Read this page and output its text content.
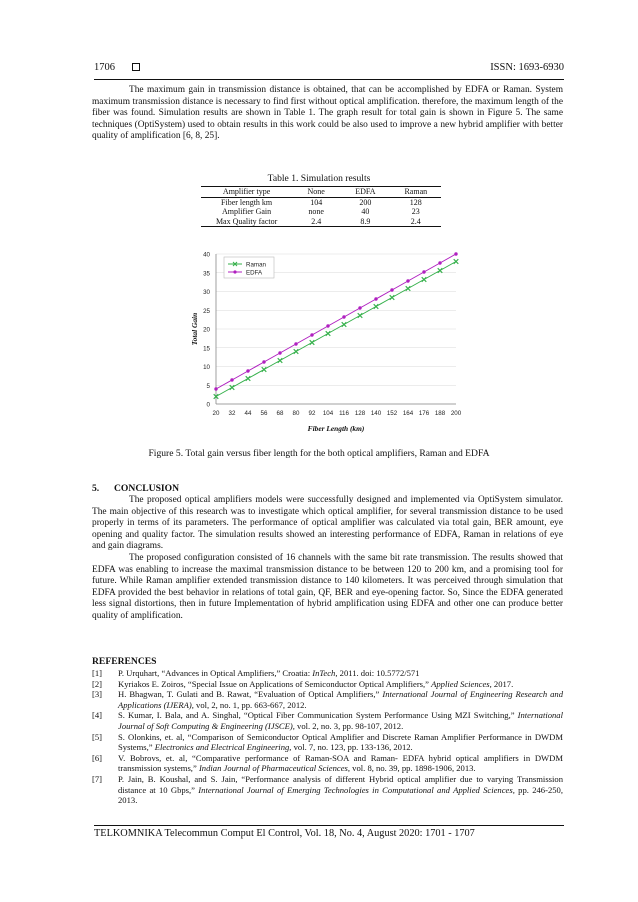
1706	ISSN: 1693-6930

The maximum gain in transmission distance is obtained, that can be accomplished by EDFA or Raman. System maximum transmission distance is necessary to find first without optical amplification. therefore, the maximum length of the fiber was found. Simulation results are shown in Table 1. The graph result for total gain is shown in Figure 5. The same techniques (OptiSystem) used to obtain results in this work could be also used to improve a new hybrid amplifier with better quality of amplification [6, 8, 25].

Table 1. Simulation results
Amplifier type	None	EDFA	Raman
Fiber length km	104	200	128
Amplifier Gain	none	40	23
Max Quality factor	2.4	8.9	2.4
0
5
10
15
20
25
30
35
40
20 32 44 56 68 80 92 104 116 128 140 152 164 176 188 200
Fiber Length (km)
Total Gain
Raman
EDFA
Figure 5. Total gain versus fiber length for the both optical amplifiers, Raman and EDFA
5. CONCLUSION

The proposed optical amplifiers models were successfully designed and implemented via OptiSystem simulator. The main objective of this research was to investigate which optical amplifier, for several transmission distance to be used properly in terms of its parameters. The performance of optical amplifier was calculated via total gain, BER amount, eye opening and quality factor. The simulation results showed an interesting performance of EDFA, Raman in relations of eye and gain diagrams.

The proposed configuration consisted of 16 channels with the same bit rate transmission. The results showed that EDFA was enabling to increase the maximal transmission distance to be between 120 to 200 km, and a promising tool for future. While Raman amplifier extended transmission distance to 140 kilometers. It was perceived through simulation that EDFA provided the best behavior in relations of total gain, QF, BER and eye-opening factor. So, Since the EDFA generated less signal distortions, then in future Implementation of hybrid amplification using EDFA and other one can produce better quality of amplification.

REFERENCES
[1] P. Urquhart, “Advances in Optical Amplifiers,” Croatia: InTech, 2011. doi: 10.5772/571
[2] Kyriakos E. Zoiros, “Special Issue on Applications of Semiconductor Optical Amplifiers,” Applied Sciences, 2017.
[3] H. Bhagwan, T. Gulati and B. Rawat, “Evaluation of Optical Amplifiers,” International Journal of Engineering Research and Applications (IJERA), vol, 2, no. 1, pp. 663-667, 2012.
[4] S. Kumar, I. Bala, and A. Singhal, “Optical Fiber Communication System Performance Using MZI Switching,” International Journal of Soft Computing & Engineering (IJSCE), vol. 2, no. 3, pp. 98-107, 2012.
[5] S. Olonkins, et. al, “Comparison of Semiconductor Optical Amplifier and Discrete Raman Amplifier Performance in DWDM Systems,” Electronics and Electrical Engineering, vol. 7, no. 123, pp. 133-136, 2012.
[6] V. Bobrovs, et. al, “Comparative performance of Raman-SOA and Raman- EDFA hybrid optical amplifiers in DWDM transmission systems,” Indian Journal of Pharmaceutical Sciences, vol. 8, no. 39, pp. 1898-1906, 2013.
[7] P. Jain, B. Koushal, and S. Jain, “Performance analysis of different Hybrid optical amplifier due to varying Transmission distance at 10 Gbps,” International Journal of Emerging Technologies in Computational and Applied Sciences, pp. 246-250, 2013.
TELKOMNIKA Telecommun Comput El Control, Vol. 18, No. 4, August 2020: 1701 - 1707
